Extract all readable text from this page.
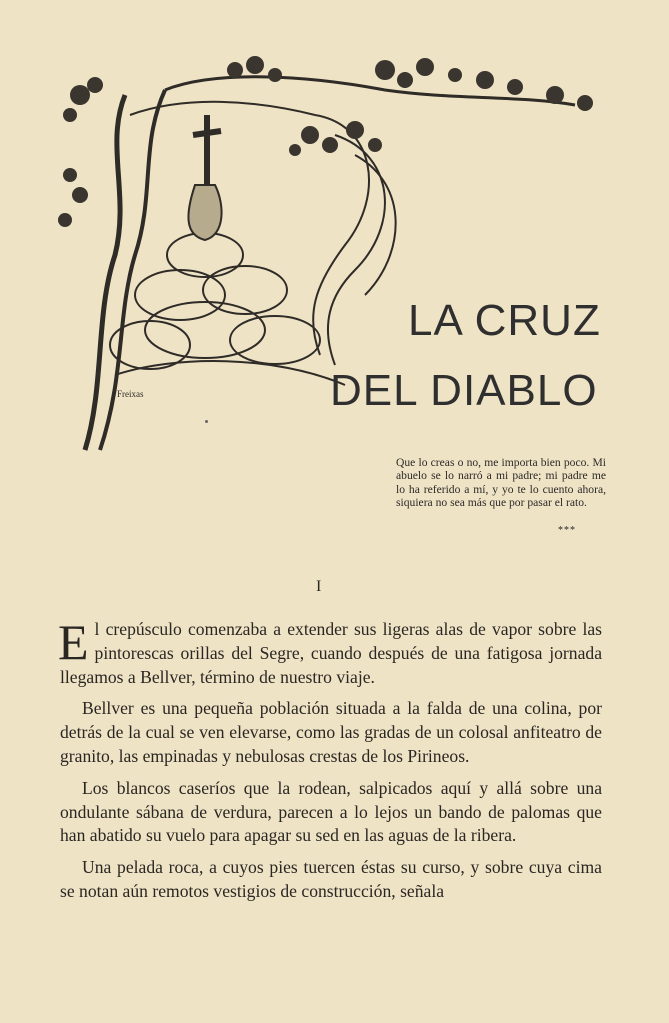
Freixas
LA CRUZ
DEL DIABLO
Que lo creas o no, me importa bien poco. Mi abuelo se lo narró a mi padre; mi padre me lo ha referido a mí, y yo te lo cuento ahora, siquiera no sea más que por pasar el rato.
***
I

El crepúsculo comenzaba a extender sus ligeras alas de vapor sobre las pintorescas orillas del Segre, cuando después de una fatigosa jornada llegamos a Bellver, término de nuestro viaje.

Bellver es una pequeña población situada a la falda de una colina, por detrás de la cual se ven elevarse, como las gradas de un colosal anfiteatro de granito, las empinadas y nebulosas crestas de los Pirineos.

Los blancos caseríos que la rodean, salpicados aquí y allá sobre una ondulante sábana de verdura, parecen a lo lejos un bando de palomas que han abatido su vuelo para apagar su sed en las aguas de la ribera.

Una pelada roca, a cuyos pies tuercen éstas su curso, y sobre cuya cima se notan aún remotos vestigios de construcción, señala
